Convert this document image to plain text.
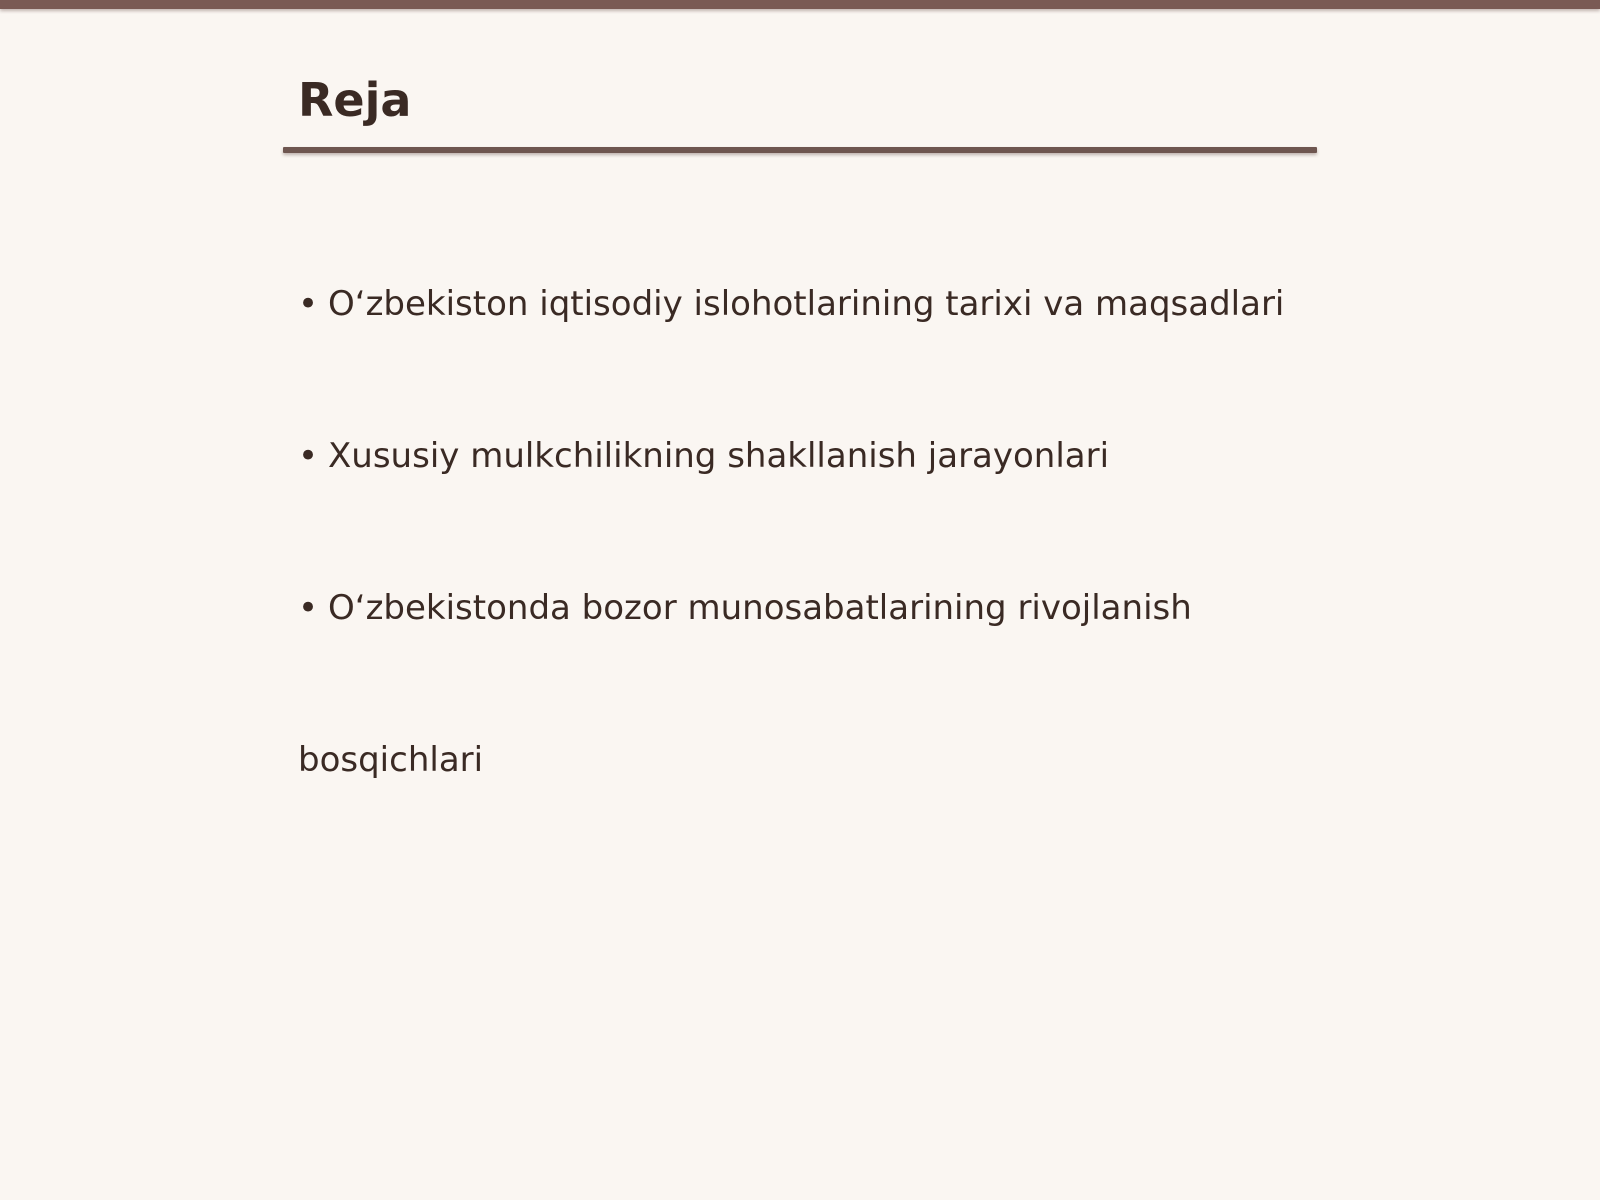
Reja
• O‘zbekiston iqtisodiy islohotlarining tarixi va maqsadlari
• Xususiy mulkchilikning shakllanish jarayonlari
• O‘zbekistonda bozor munosabatlarining rivojlanish
bosqichlari
